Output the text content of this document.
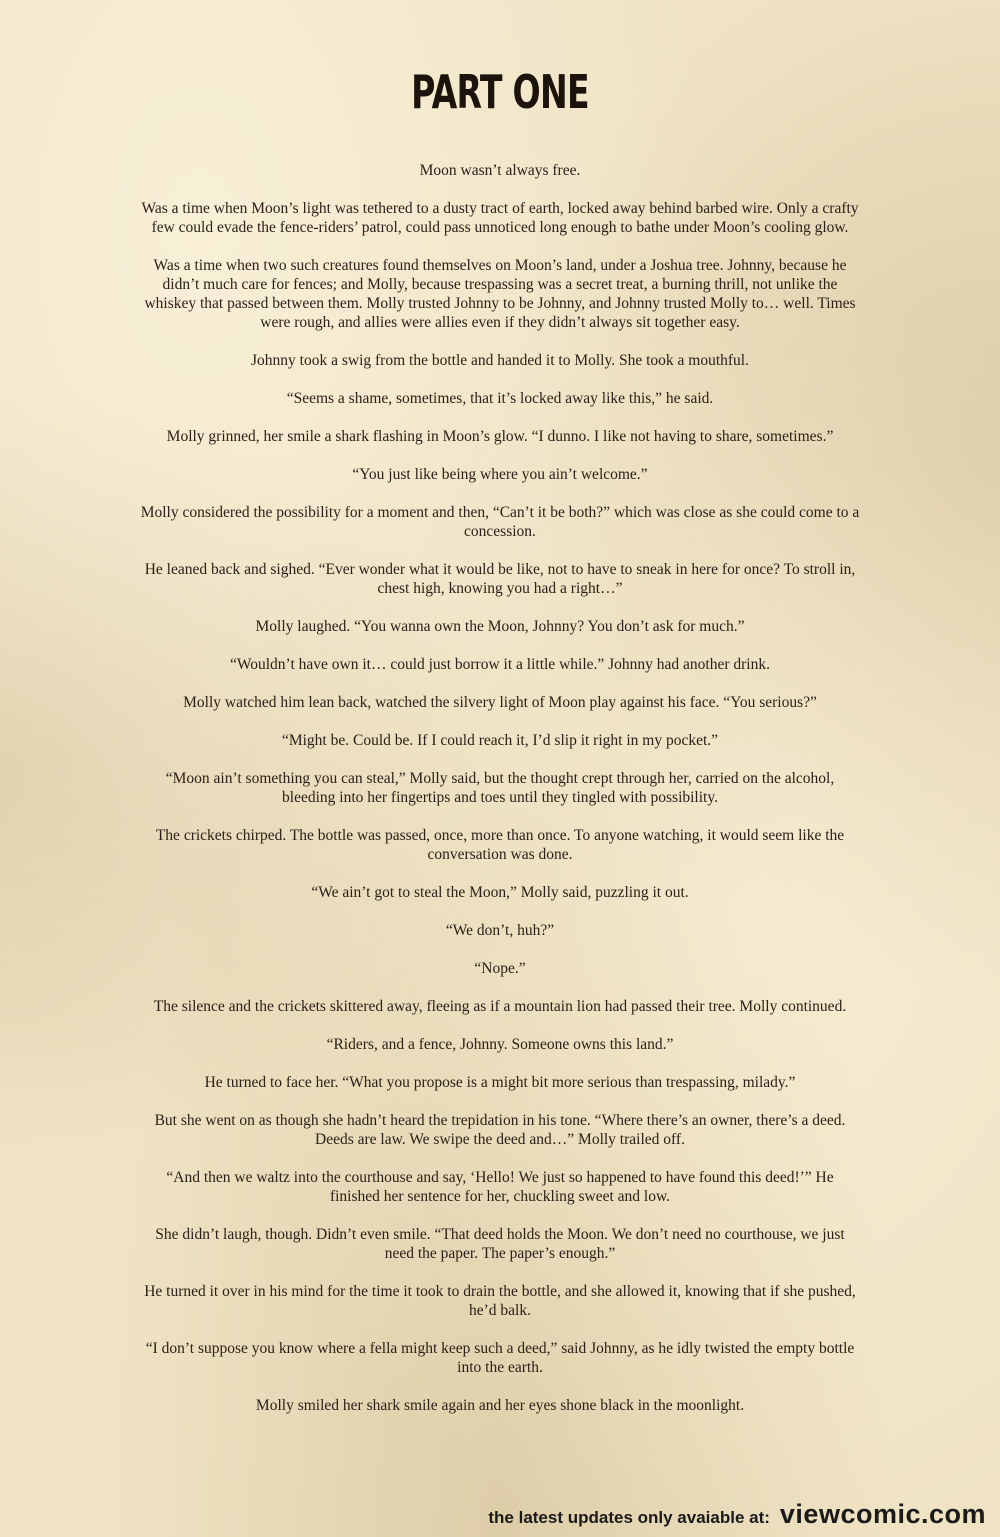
PART ONE

Moon wasn’t always free.

Was a time when Moon’s light was tethered to a dusty tract of earth, locked away behind barbed wire. Only a crafty few could evade the fence-riders’ patrol, could pass unnoticed long enough to bathe under Moon’s cooling glow.

Was a time when two such creatures found themselves on Moon’s land, under a Joshua tree. Johnny, because he didn’t much care for fences; and Molly, because trespassing was a secret treat, a burning thrill, not unlike the whiskey that passed between them. Molly trusted Johnny to be Johnny, and Johnny trusted Molly to… well. Times were rough, and allies were allies even if they didn’t always sit together easy.

Johnny took a swig from the bottle and handed it to Molly. She took a mouthful.

“Seems a shame, sometimes, that it’s locked away like this,” he said.

Molly grinned, her smile a shark flashing in Moon’s glow. “I dunno. I like not having to share, sometimes.”

“You just like being where you ain’t welcome.”

Molly considered the possibility for a moment and then, “Can’t it be both?” which was close as she could come to a concession.

He leaned back and sighed. “Ever wonder what it would be like, not to have to sneak in here for once? To stroll in, chest high, knowing you had a right…”

Molly laughed. “You wanna own the Moon, Johnny? You don’t ask for much.”

“Wouldn’t have own it… could just borrow it a little while.” Johnny had another drink.

Molly watched him lean back, watched the silvery light of Moon play against his face. “You serious?”

“Might be. Could be. If I could reach it, I’d slip it right in my pocket.”

“Moon ain’t something you can steal,” Molly said, but the thought crept through her, carried on the alcohol, bleeding into her fingertips and toes until they tingled with possibility.

The crickets chirped. The bottle was passed, once, more than once. To anyone watching, it would seem like the conversation was done.

“We ain’t got to steal the Moon,” Molly said, puzzling it out.

“We don’t, huh?”

“Nope.”

The silence and the crickets skittered away, fleeing as if a mountain lion had passed their tree. Molly continued.

“Riders, and a fence, Johnny. Someone owns this land.”

He turned to face her. “What you propose is a might bit more serious than trespassing, milady.”

But she went on as though she hadn’t heard the trepidation in his tone. “Where there’s an owner, there’s a deed. Deeds are law. We swipe the deed and…” Molly trailed off.

“And then we waltz into the courthouse and say, ‘Hello! We just so happened to have found this deed!’” He finished her sentence for her, chuckling sweet and low.

She didn’t laugh, though. Didn’t even smile. “That deed holds the Moon. We don’t need no courthouse, we just need the paper. The paper’s enough.”

He turned it over in his mind for the time it took to drain the bottle, and she allowed it, knowing that if she pushed, he’d balk.

“I don’t suppose you know where a fella might keep such a deed,” said Johnny, as he idly twisted the empty bottle into the earth.

Molly smiled her shark smile again and her eyes shone black in the moonlight.

the latest updates only avaiable at: viewcomic.com
